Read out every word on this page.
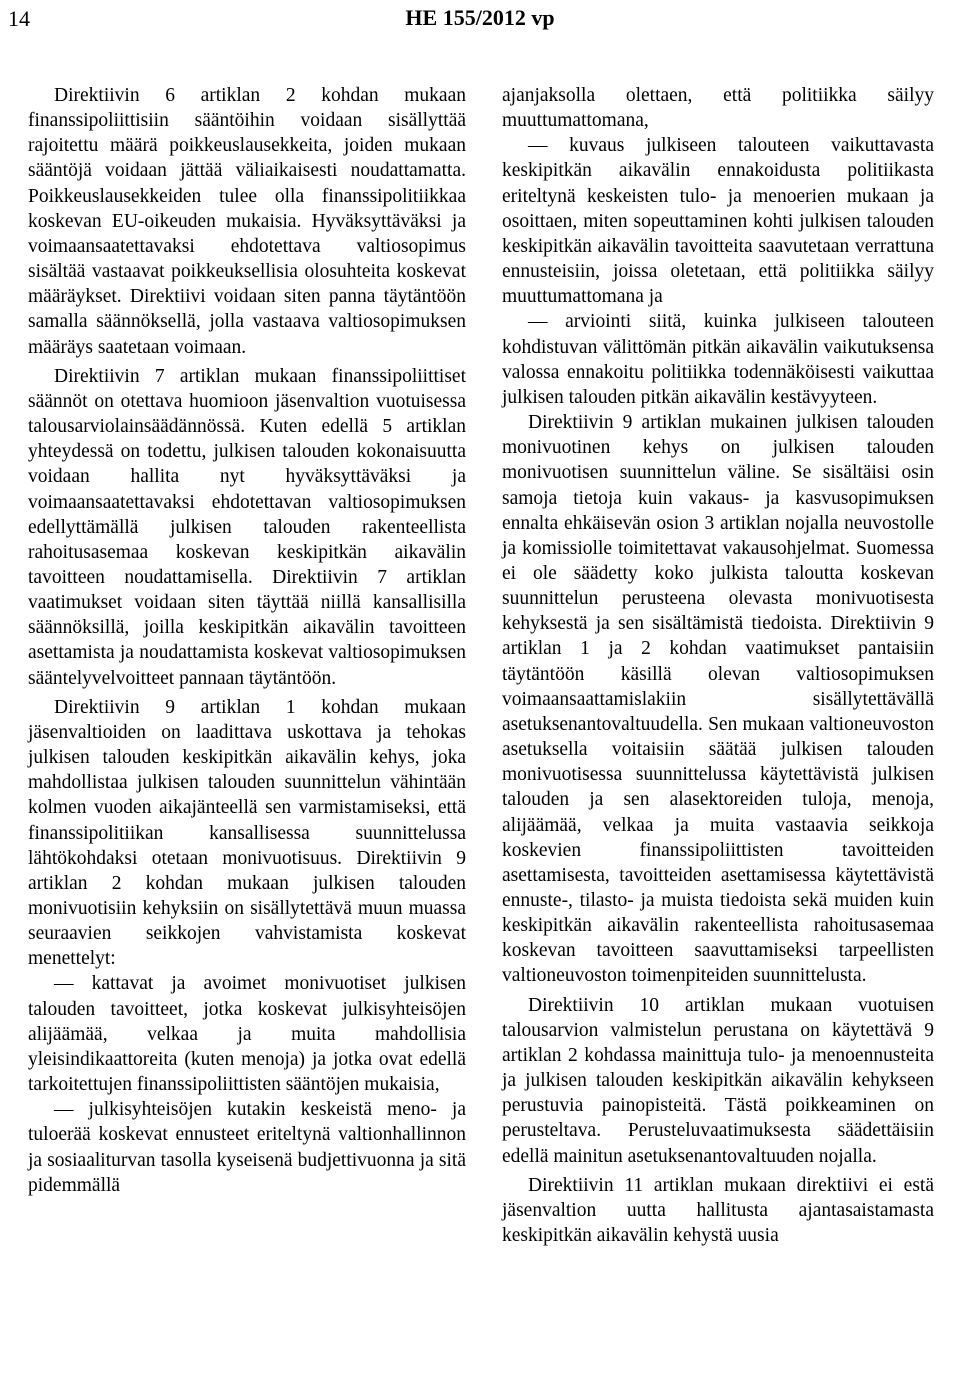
14	HE 155/2012 vp

Direktiivin 6 artiklan 2 kohdan mukaan finanssipoliittisiin sääntöihin voidaan sisällyttää rajoitettu määrä poikkeuslausekkeita, joiden mukaan sääntöjä voidaan jättää väliaikaisesti noudattamatta. Poikkeuslausekkeiden tulee olla finanssipolitiikkaa koskevan EU-oikeuden mukaisia. Hyväksyttäväksi ja voimaansaatettavaksi ehdotettava valtiosopimus sisältää vastaavat poikkeuksellisia olosuhteita koskevat määräykset. Direktiivi voidaan siten panna täytäntöön samalla säännöksellä, jolla vastaava valtiosopimuksen määräys saatetaan voimaan.

Direktiivin 7 artiklan mukaan finanssipoliittiset säännöt on otettava huomioon jäsenvaltion vuotuisessa talousarviolainsäädännössä. Kuten edellä 5 artiklan yhteydessä on todettu, julkisen talouden kokonaisuutta voidaan hallita nyt hyväksyttäväksi ja voimaansaatettavaksi ehdotettavan valtiosopimuksen edellyttämällä julkisen talouden rakenteellista rahoitusasemaa koskevan keskipitkän aikavälin tavoitteen noudattamisella. Direktiivin 7 artiklan vaatimukset voidaan siten täyttää niillä kansallisilla säännöksillä, joilla keskipitkän aikavälin tavoitteen asettamista ja noudattamista koskevat valtiosopimuksen sääntelyvelvoitteet pannaan täytäntöön.

Direktiivin 9 artiklan 1 kohdan mukaan jäsenvaltioiden on laadittava uskottava ja tehokas julkisen talouden keskipitkän aikavälin kehys, joka mahdollistaa julkisen talouden suunnittelun vähintään kolmen vuoden aikajänteellä sen varmistamiseksi, että finanssipolitiikan kansallisessa suunnittelussa lähtökohdaksi otetaan monivuotisuus. Direktiivin 9 artiklan 2 kohdan mukaan julkisen talouden monivuotisiin kehyksiin on sisällytettävä muun muassa seuraavien seikkojen vahvistamista koskevat menettelyt:

— kattavat ja avoimet monivuotiset julkisen talouden tavoitteet, jotka koskevat julkisyhteisöjen alijäämää, velkaa ja muita mahdollisia yleisindikaattoreita (kuten menoja) ja jotka ovat edellä tarkoitettujen finanssipoliittisten sääntöjen mukaisia,

— julkisyhteisöjen kutakin keskeistä meno- ja tuloerää koskevat ennusteet eriteltynä valtionhallinnon ja sosiaaliturvan tasolla kyseisenä budjettivuonna ja sitä pidemmällä

ajanjaksolla olettaen, että politiikka säilyy muuttumattomana,

— kuvaus julkiseen talouteen vaikuttavasta keskipitkän aikavälin ennakoidusta politiikasta eriteltynä keskeisten tulo- ja menoerien mukaan ja osoittaen, miten sopeuttaminen kohti julkisen talouden keskipitkän aikavälin tavoitteita saavutetaan verrattuna ennusteisiin, joissa oletetaan, että politiikka säilyy muuttumattomana ja

— arviointi siitä, kuinka julkiseen talouteen kohdistuvan välittömän pitkän aikavälin vaikutuksensa valossa ennakoitu politiikka todennäköisesti vaikuttaa julkisen talouden pitkän aikavälin kestävyyteen.

Direktiivin 9 artiklan mukainen julkisen talouden monivuotinen kehys on julkisen talouden monivuotisen suunnittelun väline. Se sisältäisi osin samoja tietoja kuin vakaus- ja kasvusopimuksen ennalta ehkäisevän osion 3 artiklan nojalla neuvostolle ja komissiolle toimitettavat vakausohjelmat. Suomessa ei ole säädetty koko julkista taloutta koskevan suunnittelun perusteena olevasta monivuotisesta kehyksestä ja sen sisältämistä tiedoista. Direktiivin 9 artiklan 1 ja 2 kohdan vaatimukset pantaisiin täytäntöön käsillä olevan valtiosopimuksen voimaansaattamislakiin sisällytettävällä asetuksenantovaltuudella. Sen mukaan valtioneuvoston asetuksella voitaisiin säätää julkisen talouden monivuotisessa suunnittelussa käytettävistä julkisen talouden ja sen alasektoreiden tuloja, menoja, alijäämää, velkaa ja muita vastaavia seikkoja koskevien finanssipoliittisten tavoitteiden asettamisesta, tavoitteiden asettamisessa käytettävistä ennuste-, tilasto- ja muista tiedoista sekä muiden kuin keskipitkän aikavälin rakenteellista rahoitusasemaa koskevan tavoitteen saavuttamiseksi tarpeellisten valtioneuvoston toimenpiteiden suunnittelusta.

Direktiivin 10 artiklan mukaan vuotuisen talousarvion valmistelun perustana on käytettävä 9 artiklan 2 kohdassa mainittuja tulo- ja menoennusteita ja julkisen talouden keskipitkän aikavälin kehykseen perustuvia painopisteitä. Tästä poikkeaminen on perusteltava. Perusteluvaatimuksesta säädettäisiin edellä mainitun asetuksenantovaltuuden nojalla.

Direktiivin 11 artiklan mukaan direktiivi ei estä jäsenvaltion uutta hallitusta ajantasaistamasta keskipitkän aikavälin kehystä uusia
